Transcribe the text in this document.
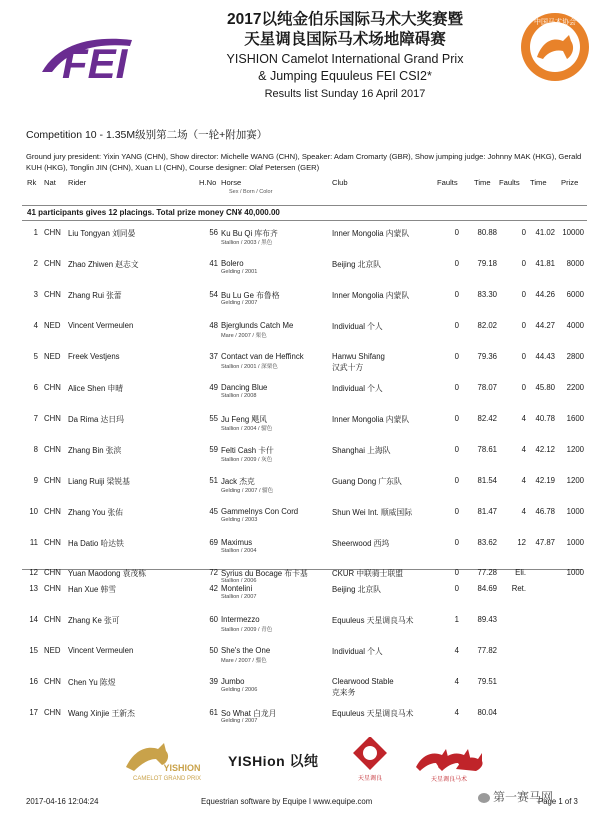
FEI
中国马术协会
2017以纯金伯乐国际马术大奖赛暨
天星调良国际马术场地障碍赛
YISHION Camelot International Grand Prix
& Jumping Equuleus FEI CSI2*
Results list Sunday 16 April 2017
Competition 10 - 1.35M级别第二场（一轮+附加赛）
Ground jury president: Yixin YANG (CHN), Show director: Michelle WANG (CHN), Speaker: Adam Cromarty (GBR), Show jumping judge: Johnny MAK (HKG), Gerald KUH (HKG), Tonglin JIN (CHN), Xuan LI (CHN), Course designer: Olaf Petersen (GER)
Rk Nat Rider	H.No Horse
Sex / Born / Color
Club	Faults Time Faults Time Prize
41 participants gives 12 placings. Total prize money CN¥ 40,000.00
1 CHN Liu Tongyan 刘同晏	56 Ku Bu Qi 库布齐	Inner Mongolia 内蒙队	0	80.88	0	41.02 10000
Stallion / 2003 / 黑色
2 CHN Zhao Zhiwen 赵志文	41 Bolero	Beijing 北京队	0	79.18	0	41.81	8000
Gelding / 2001
3 CHN Zhang Rui 张蕾	54 Bu Lu Ge 布鲁格	Inner Mongolia 内蒙队	0	83.30	0	44.26	6000
Gelding / 2007
4 NED Vincent Vermeulen	48 Bjerglunds Catch Me	Individual 个人	0	82.02	0	44.27	4000
Mare / 2007 / 栗色
5 NED Freek Vestjens	37 Contact van de Heffinck	Hanwu Shifang	0	79.36	0	44.43	2800
Stallion / 2001 / 深栗色	汉武十方
6 CHN Alice Shen 申晴	49 Dancing Blue	Individual 个人	0	78.07	0	45.80	2200
Stallion / 2008
7 CHN Da Rima 达日玛	55 Ju Feng 飓风	Inner Mongolia 内蒙队	0	82.42	4	40.78	1600
Stallion / 2004 / 骝色
8 CHN Zhang Bin 张滨	59 Felti Cash 卡什	Shanghai 上海队	0	78.61	4	42.12	1200
Stallion / 2009 / 灰色
9 CHN Liang Ruiji 梁锐基	51 Jack 杰克	Guang Dong 广东队	0	81.54	4	42.19	1200
Gelding / 2007 / 骝色
10 CHN Zhang You 张佑	45 Gammelnys Con Cord	Shun Wei Int. 顺威国际	0	81.47	4	46.78	1000
Gelding / 2003
11 CHN Ha Datio 哈达铁	69 Maximus	Sheerwood 西坞	0	83.62	12	47.87	1000
Stallion / 2004
12 CHN Yuan Maodong 袁茂栋	72 Syrius du Bocage 布卡基	CKUR 中联骑士联盟	0	77.28	Eli.	1000
Stallion / 2006
13 CHN Han Xue 韩雪	42 Montelini	Beijing 北京队	0	84.69	Ret.
Stallion / 2007
14 CHN Zhang Ke 张可	60 Intermezzo	Equuleus 天星调良马术	1	89.43
Stallion / 2009 / 青色
15 NED Vincent Vermeulen	50 She's the One	Individual 个人	4	77.82
Mare / 2007 / 骝色
16 CHN Chen Yu 陈煜	39 Jumbo	Clearwood Stable	4	79.51
Gelding / 2006	克来务
17 CHN Wang Xinjie 王新杰	61 So What 白龙月	Equuleus 天星调良马术	4	80.04
Gelding / 2007
YISHION
CAMELOT GRAND PRIX
YISHion 以纯
天星调良	天星调良马术
2017-04-16 12:04:24	Equestrian software by Equipe I www.equipe.com	Page 1 of 3
第一赛马网
